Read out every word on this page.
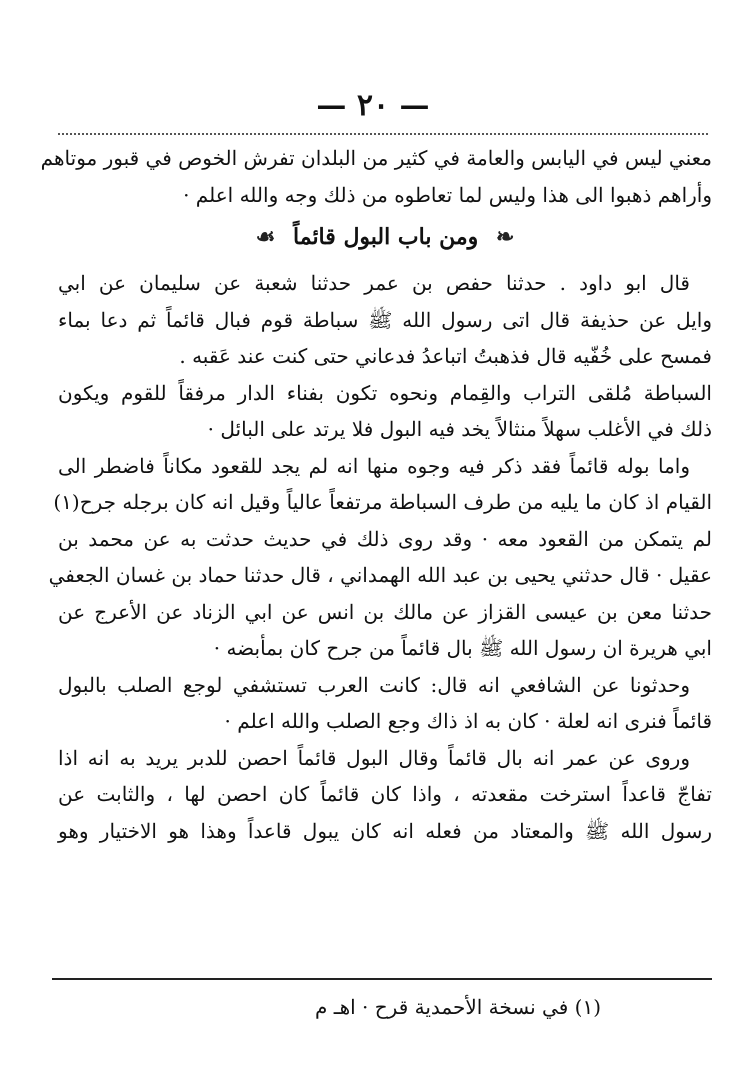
— ٢٠ —
معني ليس في اليابس والعامة في كثير من البلدان تفرش الخوص في قبور موتاهم
وأراهم ذهبوا الى هذا وليس لما تعاطوه من ذلك وجه والله اعلم ·
❧ ومن باب البول قائماً ☙
قال ابو داود . حدثنا حفص بن عمر حدثنا شعبة عن سليمان عن ابي
وايل عن حذيفة قال اتى رسول الله ﷺ سباطة قوم فبال قائماً ثم دعا بماء
فمسح على خُفّيه قال فذهبتُ اتباعدُ فدعاني حتى كنت عند عَقبه .
السباطة مُلقى التراب والقِمام ونحوه تكون بفناء الدار مرفقاً للقوم ويكون
ذلك في الأغلب سهلاً منثالاً يخد فيه البول فلا يرتد على البائل ·
واما بوله قائماً فقد ذكر فيه وجوه منها انه لم يجد للقعود مكاناً فاضطر الى
القيام اذ كان ما يليه من طرف السباطة مرتفعاً عالياً وقيل انه كان برجله جرح(١)
لم يتمكن من القعود معه · وقد روى ذلك في حديث حدثت به عن محمد بن
عقيل · قال حدثني يحيى بن عبد الله الهمداني ، قال حدثنا حماد بن غسان الجعفي
حدثنا معن بن عيسى القزاز عن مالك بن انس عن ابي الزناد عن الأعرج عن
ابي هريرة ان رسول الله ﷺ بال قائماً من جرح كان بمأبضه ·
وحدثونا عن الشافعي انه قال: كانت العرب تستشفي لوجع الصلب بالبول
قائماً فنرى انه لعلة · كان به اذ ذاك وجع الصلب والله اعلم ·
وروى عن عمر انه بال قائماً وقال البول قائماً احصن للدبر يريد به انه اذا
تفاجّ قاعداً استرخت مقعدته ، واذا كان قائماً كان احصن لها ، والثابت عن
رسول الله ﷺ والمعتاد من فعله انه كان يبول قاعداً وهذا هو الاختيار وهو
(١) في نسخة الأحمدية قرح · اهـ م
